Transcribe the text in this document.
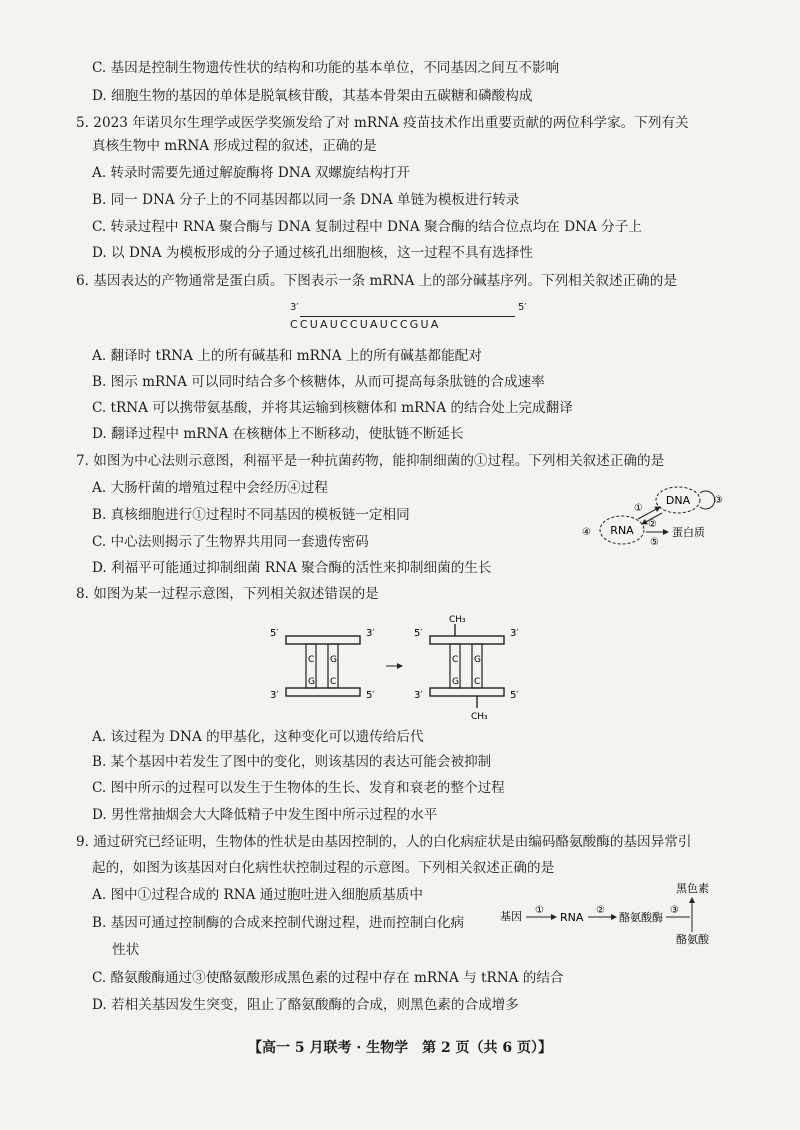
C. 基因是控制生物遗传性状的结构和功能的基本单位，不同基因之间互不影响
D. 细胞生物的基因的单体是脱氧核苷酸，其基本骨架由五碳糖和磷酸构成
5. 2023 年诺贝尔生理学或医学奖颁发给了对 mRNA 疫苗技术作出重要贡献的两位科学家。下列有关
真核生物中 mRNA 形成过程的叙述，正确的是
A. 转录时需要先通过解旋酶将 DNA 双螺旋结构打开
B. 同一 DNA 分子上的不同基因都以同一条 DNA 单链为模板进行转录
C. 转录过程中 RNA 聚合酶与 DNA 复制过程中 DNA 聚合酶的结合位点均在 DNA 分子上
D. 以 DNA 为模板形成的分子通过核孔出细胞核，这一过程不具有选择性
6. 基因表达的产物通常是蛋白质。下图表示一条 mRNA 上的部分碱基序列。下列相关叙述正确的是
3′	5′
CCUAUCCUAUCCGUA
A. 翻译时 tRNA 上的所有碱基和 mRNA 上的所有碱基都能配对
B. 图示 mRNA 可以同时结合多个核糖体，从而可提高每条肽链的合成速率
C. tRNA 可以携带氨基酸，并将其运输到核糖体和 mRNA 的结合处上完成翻译
D. 翻译过程中 mRNA 在核糖体上不断移动，使肽链不断延长
7. 如图为中心法则示意图，利福平是一种抗菌药物，能抑制细菌的①过程。下列相关叙述正确的是
A. 大肠杆菌的增殖过程中会经历④过程
B. 真核细胞进行①过程时不同基因的模板链一定相同
C. 中心法则揭示了生物界共用同一套遗传密码
D. 利福平可能通过抑制细菌 RNA 聚合酶的活性来抑制细菌的生长
DNA ③
RNA
④
①
②
⑤
蛋白质
8. 如图为某一过程示意图，下列相关叙述错误的是
5′	3′
3′	5′
C
G
G
C
5′	3′
3′	5′
C
G
G
C
CH₃
CH₃
A. 该过程为 DNA 的甲基化，这种变化可以遗传给后代
B. 某个基因中若发生了图中的变化，则该基因的表达可能会被抑制
C. 图中所示的过程可以发生于生物体的生长、发育和衰老的整个过程
D. 男性常抽烟会大大降低精子中发生图中所示过程的水平
9. 通过研究已经证明，生物体的性状是由基因控制的，人的白化病症状是由编码酪氨酸酶的基因异常引
起的，如图为该基因对白化病性状控制过程的示意图。下列相关叙述正确的是
A. 图中①过程合成的 RNA 通过胞吐进入细胞质基质中
B. 基因可通过控制酶的合成来控制代谢过程，进而控制白化病
性状
C. 酪氨酸酶通过③使酪氨酸形成黑色素的过程中存在 mRNA 与 tRNA 的结合
D. 若相关基因发生突变，阻止了酪氨酸酶的合成，则黑色素的合成增多
基因 ①
RNA
②
酪氨酸酶
③
黑色素
酪氨酸
【高一 5 月联考 · 生物学　第 2 页（共 6 页）】
